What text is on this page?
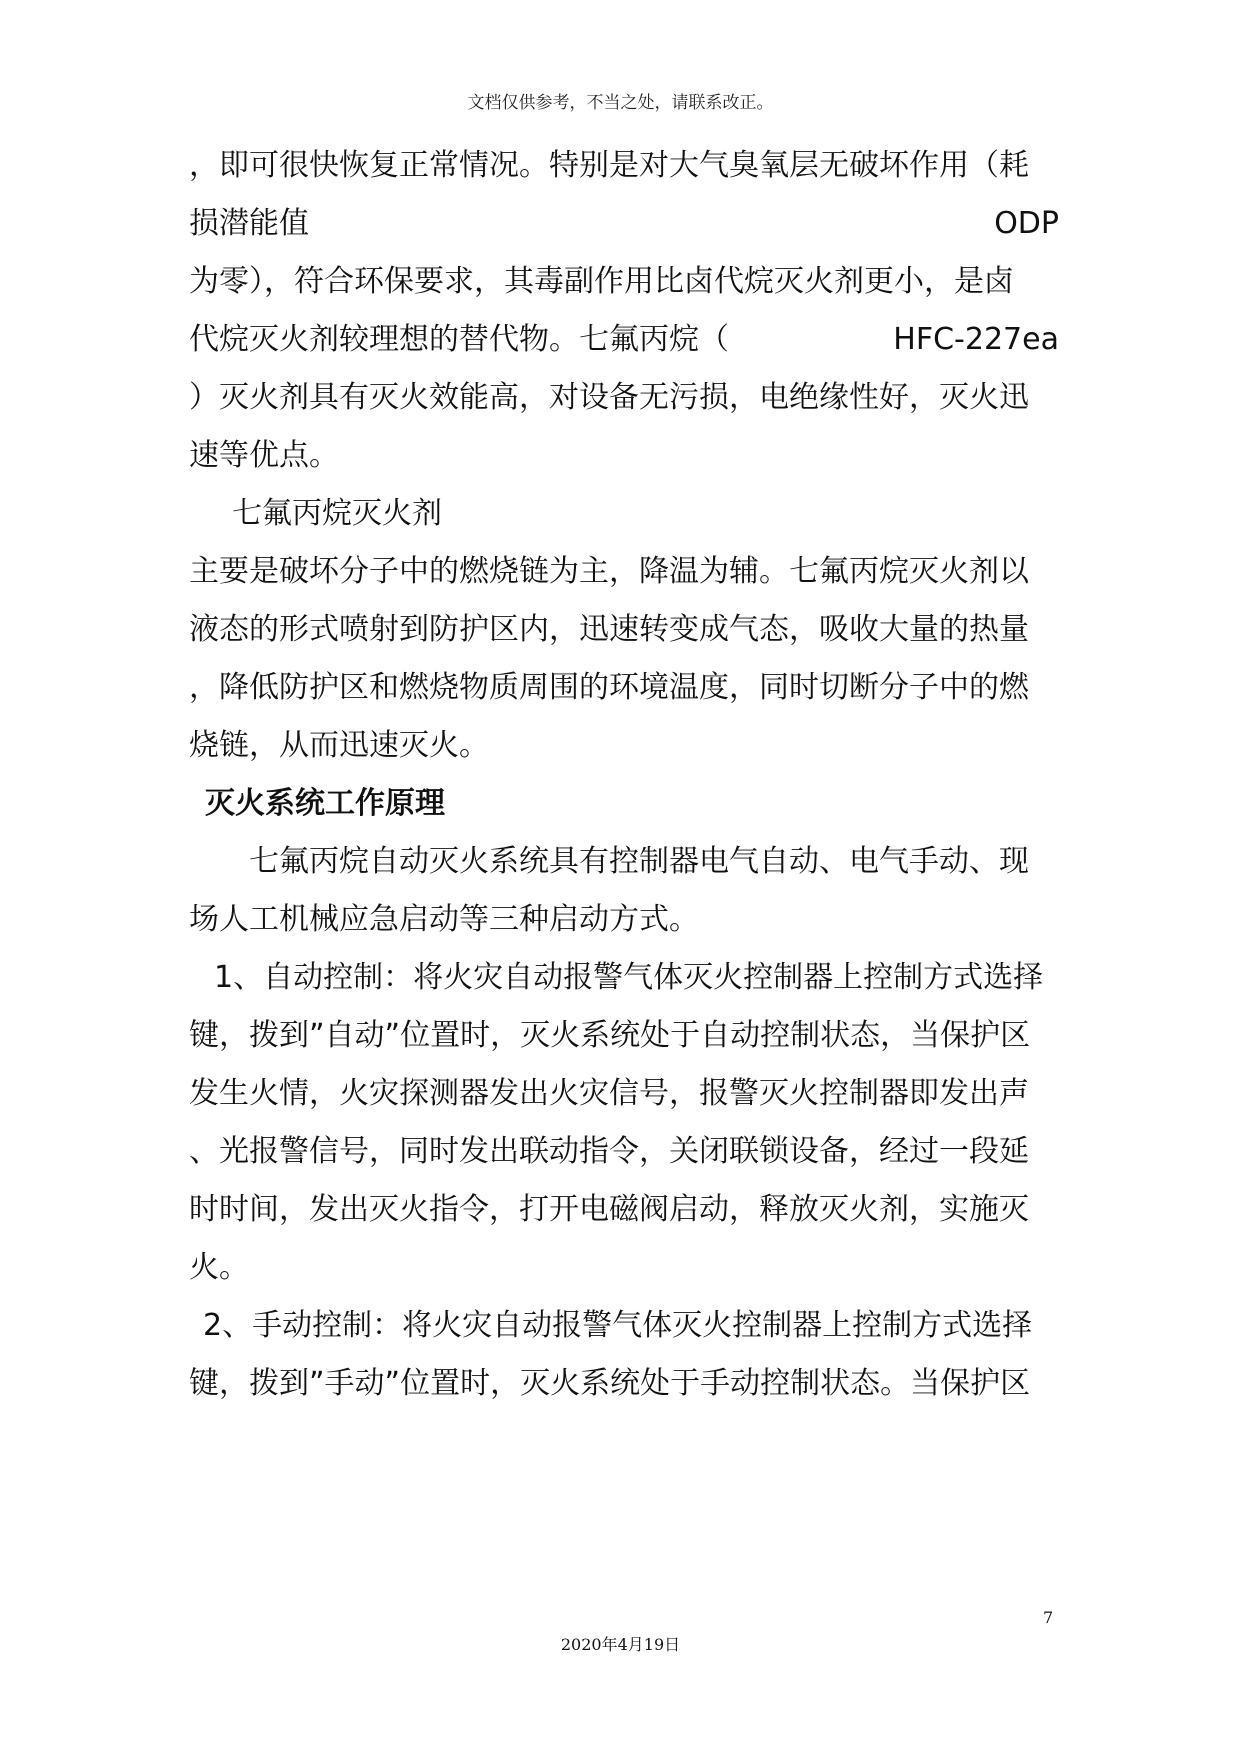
文档仅供参考，不当之处，请联系改正。
，即可很快恢复正常情况。特别是对大气臭氧层无破坏作用（耗
损潜能值	ODP
为零），符合环保要求，其毒副作用比卤代烷灭火剂更小，是卤
代烷灭火剂较理想的替代物。七氟丙烷（	HFC-227ea
）灭火剂具有灭火效能高，对设备无污损，电绝缘性好，灭火迅
速等优点。
七氟丙烷灭火剂
主要是破坏分子中的燃烧链为主，降温为辅。七氟丙烷灭火剂以
液态的形式喷射到防护区内，迅速转变成气态，吸收大量的热量
，降低防护区和燃烧物质周围的环境温度，同时切断分子中的燃
烧链，从而迅速灭火。
灭火系统工作原理
七氟丙烷自动灭火系统具有控制器电气自动、电气手动、现
场人工机械应急启动等三种启动方式。
1、自动控制：将火灾自动报警气体灭火控制器上控制方式选择
键，拨到”自动”位置时，灭火系统处于自动控制状态，当保护区
发生火情，火灾探测器发出火灾信号，报警灭火控制器即发出声
、光报警信号，同时发出联动指令，关闭联锁设备，经过一段延
时时间，发出灭火指令，打开电磁阀启动，释放灭火剂，实施灭
火。
2、手动控制：将火灾自动报警气体灭火控制器上控制方式选择
键，拨到”手动”位置时，灭火系统处于手动控制状态。当保护区
7
2020年4月19日
